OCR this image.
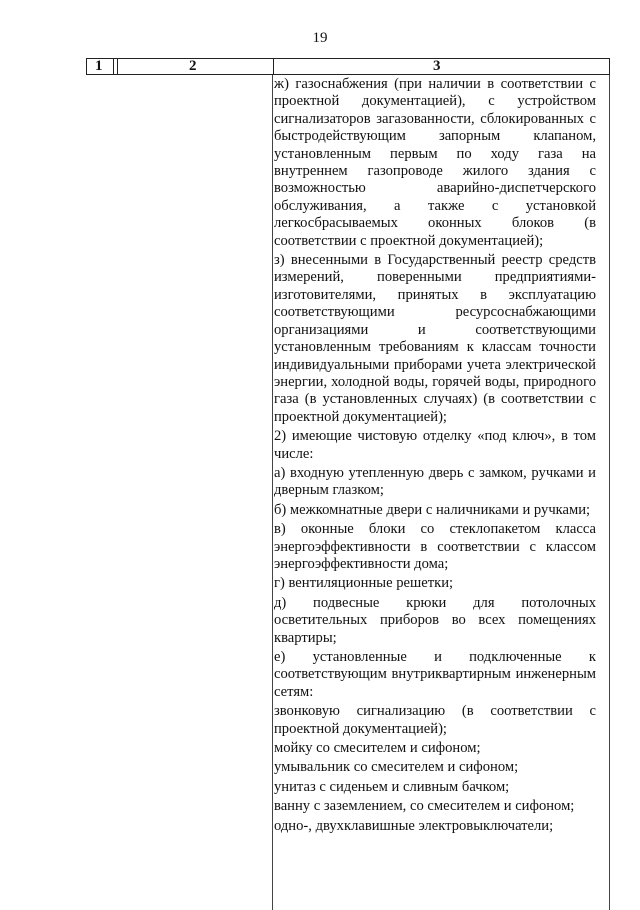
19
1	2	3

ж) газоснабжения (при наличии в соответствии с проектной документацией), с устройством сигнализаторов загазованности, сблокированных с быстродействующим запорным клапаном, установленным первым по ходу газа на внутреннем газопроводе жилого здания с возможностью аварийно-диспетчерского обслуживания, а также с установкой легкосбрасываемых оконных блоков (в соответствии с проектной документацией);

з) внесенными в Государственный реестр средств измерений, поверенными предприятиями-изготовителями, принятых в эксплуатацию соответствующими ресурсоснабжающими организациями и соответствующими установленным требованиям к классам точности индивидуальными приборами учета электрической энергии, холодной воды, горячей воды, природного газа (в установленных случаях) (в соответствии с проектной документацией);

2) имеющие чистовую отделку «под ключ», в том числе:

а) входную утепленную дверь с замком, ручками и дверным глазком;

б) межкомнатные двери с наличниками и ручками;

в) оконные блоки со стеклопакетом класса энергоэффективности в соответствии с классом энергоэффективности дома;

г) вентиляционные решетки;

д) подвесные крюки для потолочных осветительных приборов во всех помещениях квартиры;

е) установленные и подключенные к соответствующим внутриквартирным инженерным сетям:

звонковую сигнализацию (в соответствии с проектной документацией);

мойку со смесителем и сифоном;

умывальник со смесителем и сифоном;

унитаз с сиденьем и сливным бачком;

ванну с заземлением, со смесителем и сифоном;

одно-, двухклавишные электровыключатели;
